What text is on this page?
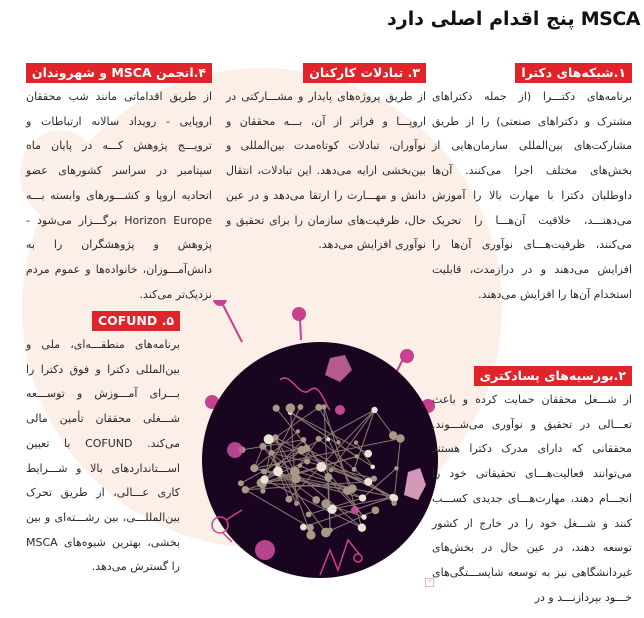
MSCA پنج اقدام اصلی دارد
۱.شبکه‌های دکترا
برنامه‌های دکتـــرا (از جمله دکتراهای مشترک و دکتراهای صنعتی) را از طریق مشارکت‌های بین‌المللی سازمان‌هایی از بخش‌های مختلف اجرا می‌کنند. آن‌ها داوطلبان دکترا با مهارت بالا را آموزش می‌دهنـــد، خلاقیت آن‌هـــا را تحریک می‌کنند، ظرفیت‌هـــای نوآوری آن‌ها را افزایش می‌دهند و در درازمدت، قابلیت استخدام آن‌ها را افزایش می‌دهند.
۲.بورسیه‌های پسادکتری
از شـــغل محققان حمایت کرده و باعث تعـــالی در تحقیق و نوآوری می‌شـــوند. محققانی که دارای مدرک دکترا هستند می‌توانند فعالیت‌هـــای تحقیقاتی خود را انجـــام دهند، مهارت‌هـــای جدیدی کســـب کنند و شـــغل خود را در خارج از کشور توسعه دهند، در عین حال در بخش‌های غیردانشگاهی نیز به توسعه شایســـتگی‌های خـــود بپردازنـــد و در
۳. تبادلات کارکنان
از طریق پروژه‌های پایدار و مشـــارکتی در اروپـــا و فراتر از آن، بـــه محققان و نوآوران، تبادلات کوتاه‌مدت بین‌المللی و بین‌بخشی ارایه می‌دهد. این تبادلات، انتقال دانش و مهـــارت را ارتقا می‌دهد و در عین حال، ظرفیت‌های سازمان را برای تحقیق و نوآوری افزایش می‌دهد.
۴.انجمن MSCA و شهروندان
از طریق اقداماتی مانند شب محققان اروپایی - رویداد سالانه ارتباطات و ترویـــج پژوهش کـــه در پایان ماه سپتامبر در سراسر کشورهای عضو اتحادیه اروپا و کشـــورهای وابسته بـــه Horizon Europe برگـــزار می‌شود - پژوهش و پژوهشگران را به دانش‌آمـــوزان، خانواده‌ها و عموم مردم نزدیک‌تر می‌کند.
COFUND .۵
برنامه‌های منطقـــه‌ای، ملی و بین‌المللی دکترا و فوق دکترا را بـــرای آمـــوزش و توســـعه شـــغلی محققان تأمین مالی می‌کند. COFUND با تعیین اســـتانداردهای بالا و شـــرایط کاری عـــالی، از طریق تحرک بین‌المللـــی، بین رشـــته‌ای و بین بخشی، بهترین شیوه‌های MSCA را گسترش می‌دهد.
+
